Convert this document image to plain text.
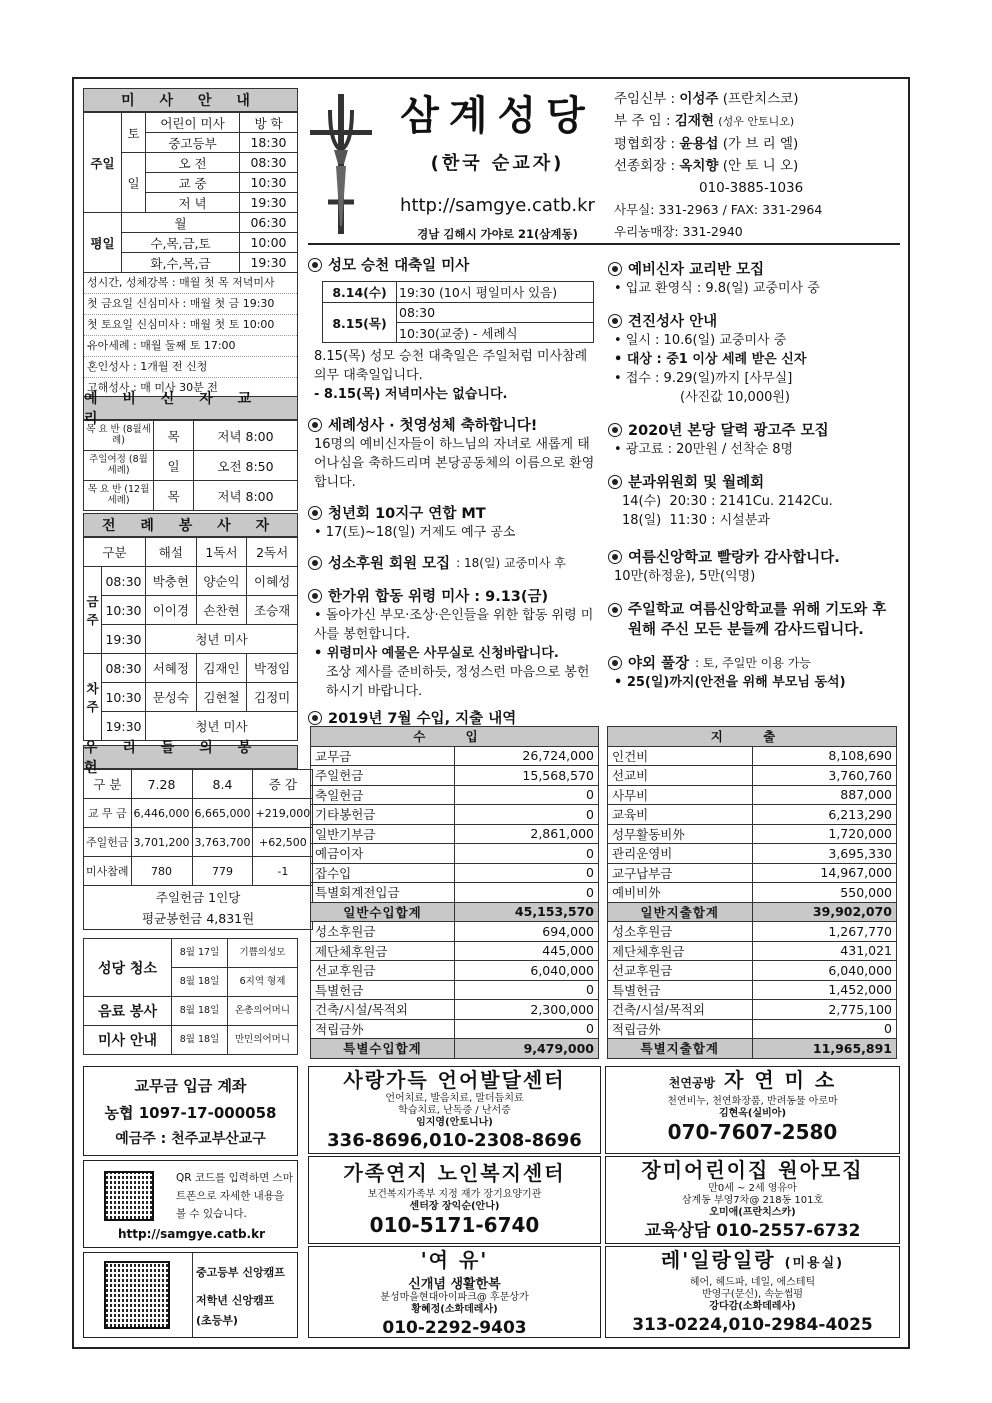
미 사 안 내
주일	토	어린이 미사	방 학
		중고등부	18:30
	일	오 전	08:30
		교 중	10:30
		저 녁	19:30
평일	월		06:30
	수,목,금,토		10:00
	화,수,목,금		19:30
성시간, 성체강복 : 매월 첫 목 저녁미사
첫 금요일 신심미사 : 매월 첫 금 19:30
첫 토요일 신심미사 : 매월 첫 토 10:00
유아세례 : 매월 둘째 토 17:00
혼인성사 : 1개월 전 신청
고해성사 : 매 미사 30분 전
예 비 신 자 교 리
목 요 반 (8월세례)	목	저녁 8:00
주일여정 (8월세례)	일	오전 8:50
목 요 반 (12월세례)	목	저녁 8:00
전 례 봉 사 자
구분		해설	1독서	2독서
금주	08:30	박충현	양순익	이혜성
	10:30	이이경	손찬현	조승재
	19:30	청년 미사		
차주	08:30	서혜정	김재인	박정임
	10:30	문성숙	김현철	김정미
	19:30	청년 미사		
우 리 들 의 봉 헌
구 분	7.28	8.4	증 감
교 무 금	6,446,000	6,665,000	+219,000
주일헌금	3,701,200	3,763,700	+62,500
미사참례	780	779	-1

주일헌금 1인당
평균봉헌금 4,831원			
성당 청소	8월 17일	기쁨의성모
	8월 18일	6지역 형제
음료 봉사	8월 18일	온총의어머니
미사 안내	8월 18일	만민의어머니
교무금 입금 계좌
농협 1097-17-000058
예금주 : 천주교부산교구
QR 코드를 입력하면 스마트폰으로 자세한 내용을 볼 수 있습니다.
http://samgye.catb.kr
중고등부 신앙캠프
저학년 신앙캠프
(초등부)
삼계성당
(한국 순교자)
http://samgye.catb.kr
경남 김해시 가야로 21(삼계동)
주임신부 : 이성주 (프란치스코)
부 주 임 : 김재현 (성우 안토니오)
평협회장 : 윤용섭 (가 브 리 엘)
선종회장 : 옥치향 (안 토 니 오)
010-3885-1036
사무실: 331-2963 / FAX: 331-2964
우리농매장: 331-2940
성모 승천 대축일 미사
8.14(수)	19:30 (10시 평일미사 있음)
8.15(목)	08:30
	10:30(교중) - 세례식
8.15(목) 성모 승천 대축일은 주일처럼 미사참례 의무 대축일입니다.
- 8.15(목) 저녁미사는 없습니다.
세례성사 · 첫영성체 축하합니다!
16명의 예비신자들이 하느님의 자녀로 새롭게 태어나심을 축하드리며 본당공동체의 이름으로 환영합니다.
청년회 10지구 연합 MT
• 17(토)~18(일) 거제도 예구 공소
성소후원 회원 모집 : 18(일) 교중미사 후
한가위 합동 위령 미사 : 9.13(금)
• 돌아가신 부모·조상·은인들을 위한 합동 위령 미사를 봉헌합니다.
• 위령미사 예물은 사무실로 신청바랍니다.
조상 제사를 준비하듯, 정성스런 마음으로 봉헌하시기 바랍니다.
2019년 7월 수입, 지출 내역
예비신자 교리반 모집
• 입교 환영식 : 9.8(일) 교중미사 중
견진성사 안내
• 일시 : 10.6(일) 교중미사 중
• 대상 : 중1 이상 세례 받은 신자
• 접수 : 9.29(일)까지 [사무실]
(사진값 10,000원)
2020년 본당 달력 광고주 모집
• 광고료 : 20만원 / 선착순 8명
분과위원회 및 월례회
14(수)  20:30 : 2141Cu. 2142Cu.
18(일)  11:30 : 시설분과
여름신앙학교 빨랑카 감사합니다.
10만(하정윤), 5만(익명)
주일학교 여름신앙학교를 위해 기도와 후원해 주신 모든 분들께 감사드립니다.
야외 풀장 : 토, 주일만 이용 가능
• 25(일)까지(안전을 위해 부모님 동석)
수 입	
교무금	26,724,000
주일헌금	15,568,570
축일헌금	0
기타봉헌금	0
일반기부금	2,861,000
예금이자	0
잡수입	0
특별회계전입금	0
일반수입합계	45,153,570
성소후원금	694,000
제단체후원금	445,000
선교후원금	6,040,000
특별헌금	0
건축/시설/목적외	2,300,000
적립금外	0
특별수입합계	9,479,000
지 출	
인건비	8,108,690
선교비	3,760,760
사무비	887,000
교육비	6,213,290
성무활동비外	1,720,000
관리운영비	3,695,330
교구납부금	14,967,000
예비비外	550,000
일반지출합계	39,902,070
성소후원금	1,267,770
제단체후원금	431,021
선교후원금	6,040,000
특별헌금	1,452,000
건축/시설/목적외	2,775,100
적립금外	0
특별지출합계	11,965,891
사랑가득 언어발달센터
언어치료, 발음치료, 말더듬치료
학습치료, 난독증 / 난서증
임지영(안토니나)
336-8696,010-2308-8696
천연공방 자 연 미 소
천연비누, 천연화장품, 반려동물 아로마
김현옥(실비아)
070-7607-2580
가족연지 노인복지센터
보건복지가족부 지정 재가 장기요양기관
센터장 장익순(안나)
010-5171-6740
장미어린이집 원아모집
만0세 ~ 2세 영유아
삼계동 부영7차@ 218동 101호
오미애(프란치스카)
교육상담 010-2557-6732
'여 유'
신개념 생활한복
분성마을현대아이파크@ 후문상가
황혜정(소화데레사)
010-2292-9403
레'일랑일랑 (미용실)
헤어, 헤드파, 네일, 에스테틱
반영구(문신), 속눈썹펌
강다감(소화데레사)
313-0224,010-2984-4025
